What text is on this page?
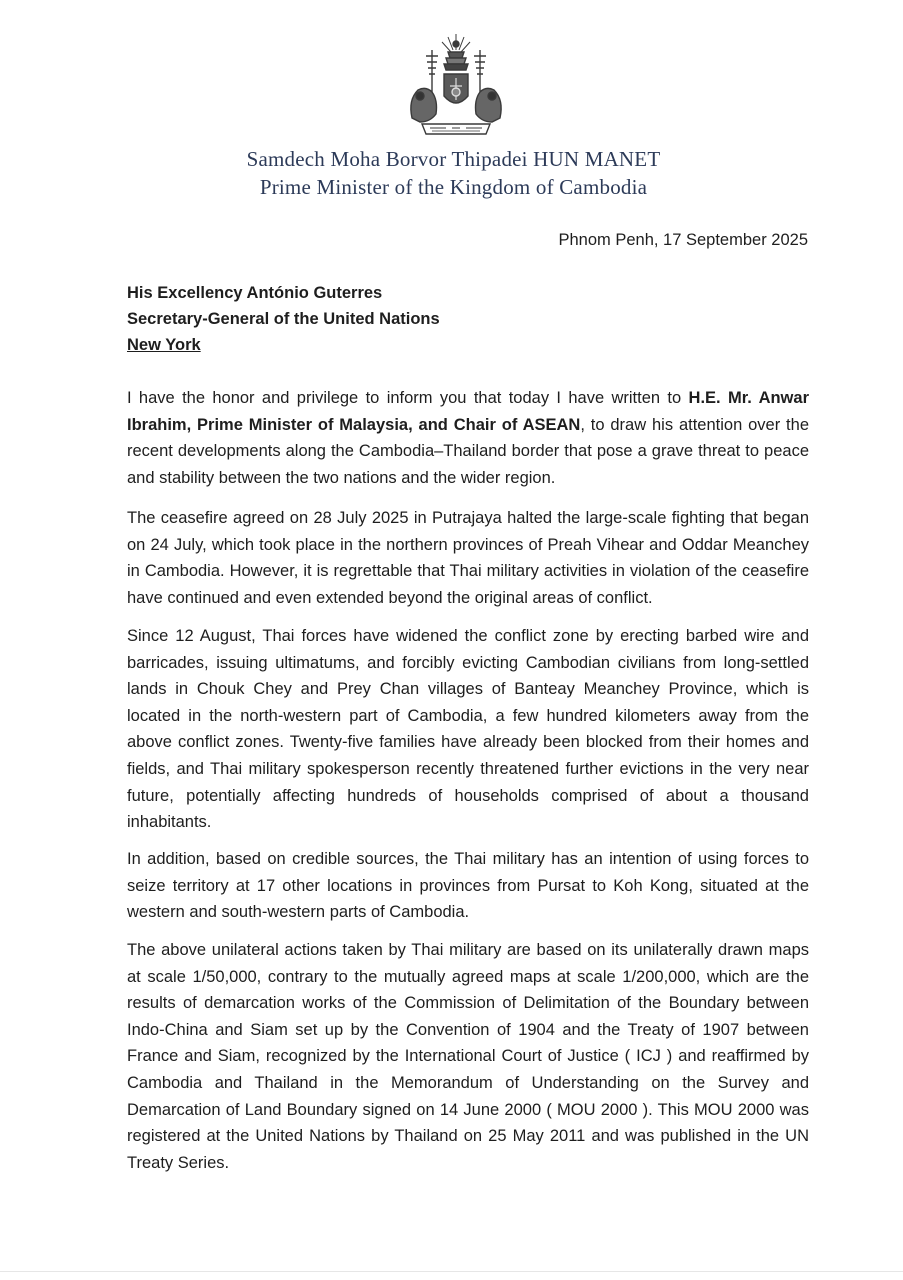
Samdech Moha Borvor Thipadei HUN MANET
Prime Minister of the Kingdom of Cambodia
Phnom Penh, 17 September 2025
His Excellency António Guterres
Secretary-General of the United Nations
New York
I have the honor and privilege to inform you that today I have written to H.E. Mr. Anwar Ibrahim, Prime Minister of Malaysia, and Chair of ASEAN, to draw his attention over the recent developments along the Cambodia–Thailand border that pose a grave threat to peace and stability between the two nations and the wider region.
The ceasefire agreed on 28 July 2025 in Putrajaya halted the large-scale fighting that began on 24 July, which took place in the northern provinces of Preah Vihear and Oddar Meanchey in Cambodia. However, it is regrettable that Thai military activities in violation of the ceasefire have continued and even extended beyond the original areas of conflict.
Since 12 August, Thai forces have widened the conflict zone by erecting barbed wire and barricades, issuing ultimatums, and forcibly evicting Cambodian civilians from long-settled lands in Chouk Chey and Prey Chan villages of Banteay Meanchey Province, which is located in the north-western part of Cambodia, a few hundred kilometers away from the above conflict zones. Twenty-five families have already been blocked from their homes and fields, and Thai military spokesperson recently threatened further evictions in the very near future, potentially affecting hundreds of households comprised of about a thousand inhabitants.
In addition, based on credible sources, the Thai military has an intention of using forces to seize territory at 17 other locations in provinces from Pursat to Koh Kong, situated at the western and south-western parts of Cambodia.
The above unilateral actions taken by Thai military are based on its unilaterally drawn maps at scale 1/50,000, contrary to the mutually agreed maps at scale 1/200,000, which are the results of demarcation works of the Commission of Delimitation of the Boundary between Indo-China and Siam set up by the Convention of 1904 and the Treaty of 1907 between France and Siam, recognized by the International Court of Justice ( ICJ ) and reaffirmed by Cambodia and Thailand in the Memorandum of Understanding on the Survey and Demarcation of Land Boundary signed on 14 June 2000 ( MOU 2000 ). This MOU 2000 was registered at the United Nations by Thailand on 25 May 2011 and was published in the UN Treaty Series.
